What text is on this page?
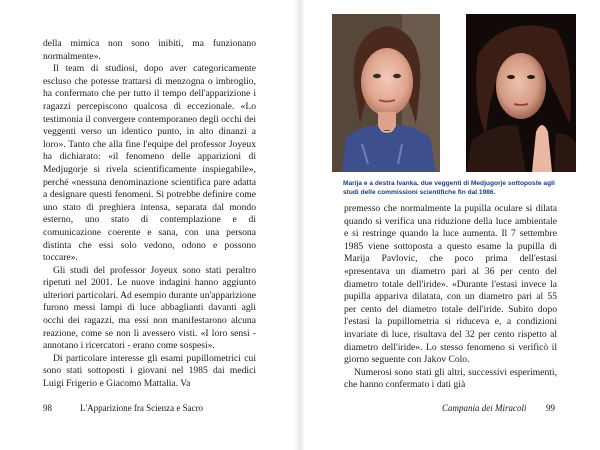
della mimica non sono inibiti, ma funzionano normalmente».

Il team di studiosi, dopo aver categoricamente escluso che potesse trattarsi di menzogna o imbroglio, ha confermato che per tutto il tempo dell'apparizione i ragazzi percepiscono qualcosa di eccezionale. «Lo testimonia il convergere contemporaneo degli occhi dei veggenti verso un identico punto, in alto dinanzi a loro». Tanto che alla fine l'equipe del professor Joyeux ha dichiarato: «il fenomeno delle apparizioni di Medjugorje si rivela scientificamente inspiegabile», perché «nessuna denominazione scientifica pare adatta a designare questi fenomeni. Si potrebbe definire come uno stato di preghiera intensa, separata dal mondo esterno, uno stato di contemplazione e di comunicazione coerente e sana, con una persona distinta che essi solo vedono, odono e possono toccare».

Gli studi del professor Joyeux sono stati peraltro ripetuti nel 2001. Le nuove indagini hanno aggiunto ulteriori particolari. Ad esempio durante un'apparizione furono messi lampi di luce abbaglianti davanti agli occhi dei ragazzi, ma essi non manifestarono alcuna reazione, come se non li avessero visti. «I loro sensi - annotano i ricercatori - erano come sospesi».

Di particolare interesse gli esami pupillometrici cui sono stati sottoposti i giovani nel 1985 dai medici Luigi Frigerio e Giacomo Mattalia. Va

98	L'Apparizione fra Scienza e Sacro
Marija e a destra Ivanka, due veggenti di Medjugorje sottoposte agli studi delle commissioni scientifiche fin dal 1986.

premesso che normalmente la pupilla oculare si dilata quando si verifica una riduzione della luce ambientale e si restringe quando la luce aumenta. Il 7 settembre 1985 viene sottoposta a questo esame la pupilla di Marija Pavlovic, che poco prima dell'estasi «presentava un diametro pari al 36 per cento del diametro totale dell'iride». «Durante l'estasi invece la pupilla appariva dilatata, con un diametro pari al 55 per cento del diametro totale dell'iride. Subito dopo l'estasi la pupillometria si riduceva e, a condizioni invariate di luce, risultava del 32 per cento rispetto al diametro dell'iride». Lo stesso fenomeno si verificò il giorno seguente con Jakov Colo.

Numerosi sono stati gli altri, successivi esperimenti, che hanno confermato i dati già

Campania dei Miracoli 99
